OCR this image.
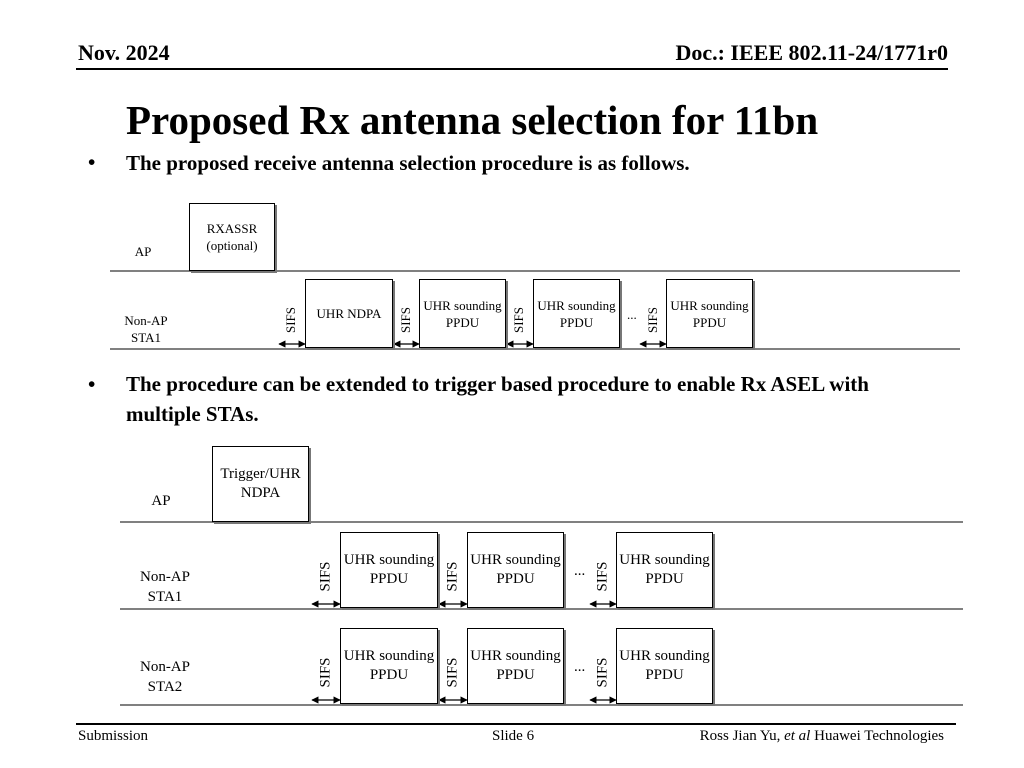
Nov. 2024	Doc.: IEEE 802.11-24/1771r0
Proposed Rx antenna selection for 11bn
• The proposed receive antenna selection procedure is as follows.
AP
Non-AP STA1
RXASSR (optional)
UHR NDPA
UHR sounding PPDU
UHR sounding PPDU
UHR sounding PPDU
SIFS	SIFS	SIFS	SIFS
...
• The procedure can be extended to trigger based procedure to enable Rx ASEL with multiple STAs.
AP
Non-AP STA1
Non-AP STA2
Trigger/UHR NDPA
UHR sounding PPDU
UHR sounding PPDU
UHR sounding PPDU
UHR sounding PPDU
UHR sounding PPDU
UHR sounding PPDU
SIFS	SIFS	SIFS
...
SIFS	SIFS	SIFS
...
Submission	Slide 6	Ross Jian Yu, et al Huawei Technologies
